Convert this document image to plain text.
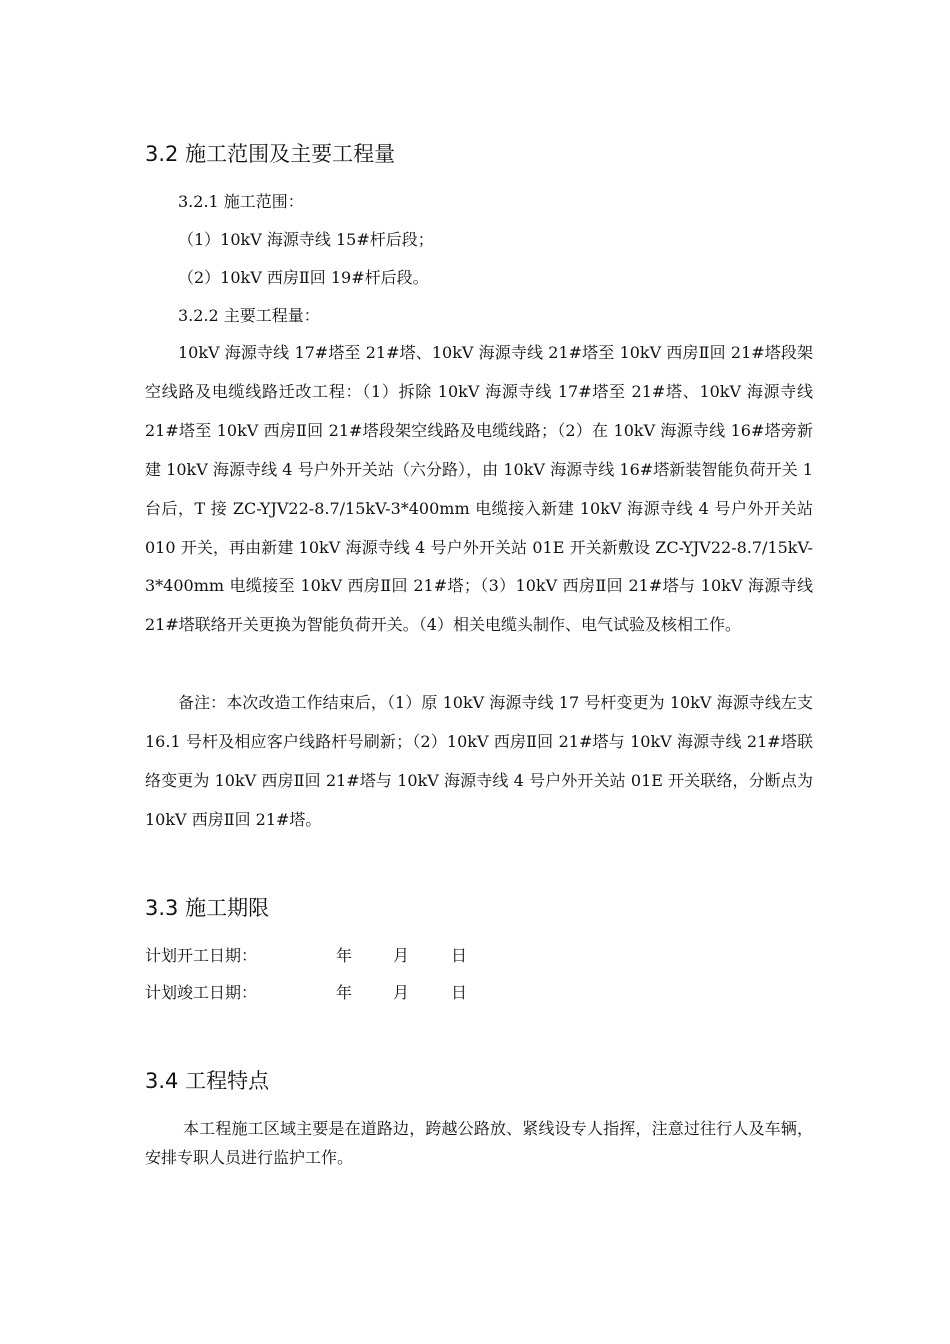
3.2 施工范围及主要工程量

3.2.1 施工范围：

（1）10kV 海源寺线 15#杆后段；

（2）10kV 西房Ⅱ回 19#杆后段。

3.2.2 主要工程量：

10kV 海源寺线 17#塔至 21#塔、10kV 海源寺线 21#塔至 10kV 西房Ⅱ回 21#塔段架空线路及电缆线路迁改工程：（1）拆除 10kV 海源寺线 17#塔至 21#塔、10kV 海源寺线 21#塔至 10kV 西房Ⅱ回 21#塔段架空线路及电缆线路；（2）在 10kV 海源寺线 16#塔旁新建 10kV 海源寺线 4 号户外开关站（六分路），由 10kV 海源寺线 16#塔新装智能负荷开关 1 台后，T 接 ZC-YJV22-8.7/15kV-3*400mm 电缆接入新建 10kV 海源寺线 4 号户外开关站 010 开关，再由新建 10kV 海源寺线 4 号户外开关站 01E 开关新敷设 ZC-YJV22-8.7/15kV-3*400mm 电缆接至 10kV 西房Ⅱ回 21#塔；（3）10kV 西房Ⅱ回 21#塔与 10kV 海源寺线 21#塔联络开关更换为智能负荷开关。（4）相关电缆头制作、电气试验及核相工作。

备注：本次改造工作结束后，（1）原 10kV 海源寺线 17 号杆变更为 10kV 海源寺线左支 16.1 号杆及相应客户线路杆号刷新；（2）10kV 西房Ⅱ回 21#塔与 10kV 海源寺线 21#塔联络变更为 10kV 西房Ⅱ回 21#塔与 10kV 海源寺线 4 号户外开关站 01E 开关联络，分断点为 10kV 西房Ⅱ回 21#塔。

3.3 施工期限
计划开工日期：	年	月	日
计划竣工日期：	年	月	日
3.4 工程特点

本工程施工区域主要是在道路边，跨越公路放、紧线设专人指挥，注意过往行人及车辆，安排专职人员进行监护工作。
